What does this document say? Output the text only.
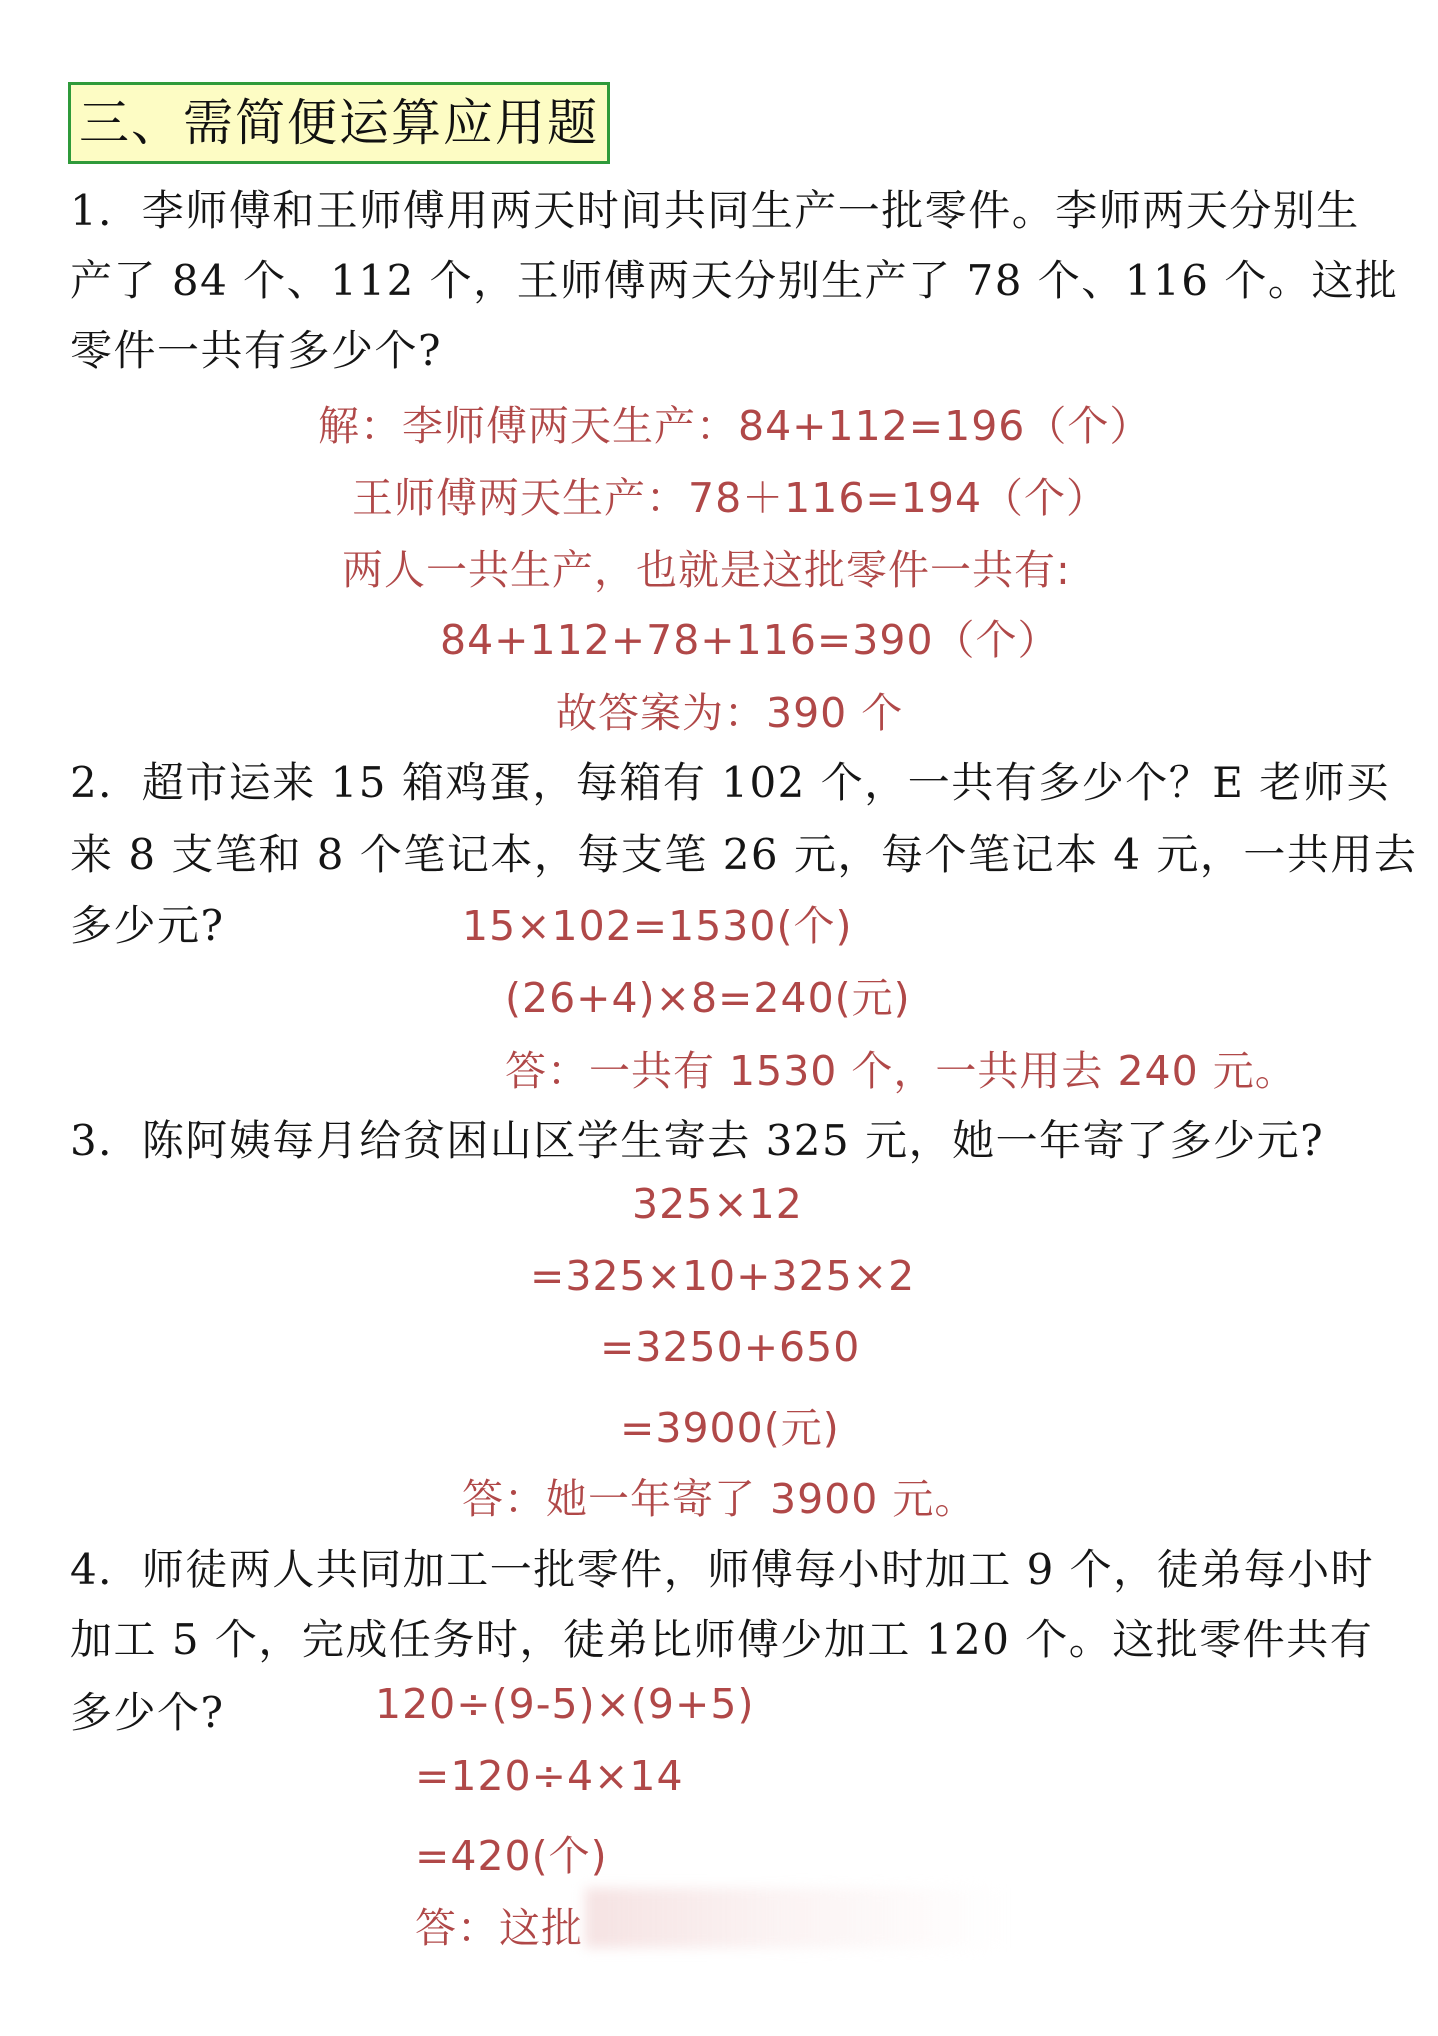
三、需简便运算应用题
1．李师傅和王师傅用两天时间共同生产一批零件。李师两天分别生
产了 84 个、112 个，王师傅两天分别生产了 78 个、116 个。这批
零件一共有多少个?
解：李师傅两天生产：84+112=196（个）
王师傅两天生产：78＋116=194（个）
两人一共生产，也就是这批零件一共有:
84+112+78+116=390（个）
故答案为：390 个
2．超市运来 15 箱鸡蛋，每箱有 102 个，一共有多少个？E 老师买
来 8 支笔和 8 个笔记本，每支笔 26 元，每个笔记本 4 元，一共用去
多少元?	15×102=1530(个)
(26+4)×8=240(元)
答：一共有 1530 个，一共用去 240 元。
3．陈阿姨每月给贫困山区学生寄去 325 元，她一年寄了多少元?
325×12
=325×10+325×2
=3250+650
=3900(元)
答：她一年寄了 3900 元。
4．师徒两人共同加工一批零件，师傅每小时加工 9 个，徒弟每小时
加工 5 个，完成任务时，徒弟比师傅少加工 120 个。这批零件共有
多少个?	120÷(9-5)×(9+5)
=120÷4×14
=420(个)
答：这批
